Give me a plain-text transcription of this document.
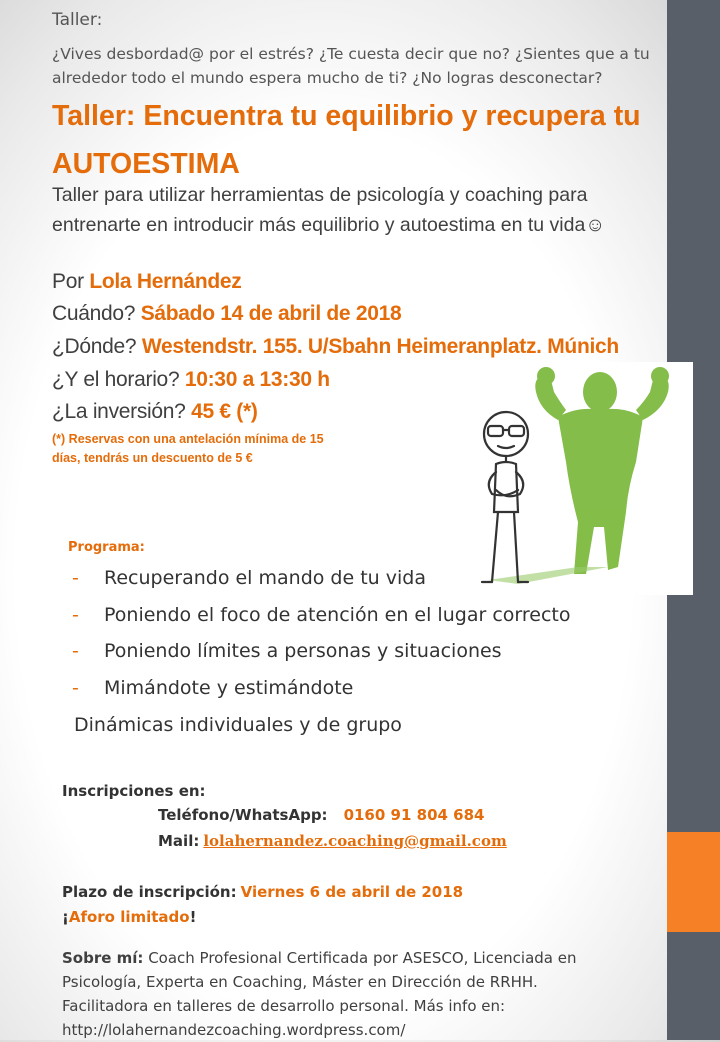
Taller:
¿Vives desbordad@ por el estrés? ¿Te cuesta decir que no? ¿Sientes que a tu alrededor todo el mundo espera mucho de ti? ¿No logras desconectar?
Taller: Encuentra tu equilibrio y recupera tu AUTOESTIMA
Taller para utilizar herramientas de psicología y coaching para entrenarte en introducir más equilibrio y autoestima en tu vida☺
Por Lola Hernández
Cuándo? Sábado 14 de abril de 2018
¿Dónde? Westendstr. 155. U/Sbahn Heimeranplatz. Múnich
¿Y el horario? 10:30 a 13:30 h
¿La inversión? 45 € (*)
(*) Reservas con una antelación mínima de 15 días, tendrás un descuento de 5 €
Programa:
- Recuperando el mando de tu vida
- Poniendo el foco de atención en el lugar correcto
- Poniendo límites a personas y situaciones
- Mimándote y estimándote
Dinámicas individuales y de grupo
Inscripciones en:
Teléfono/WhatsApp: 0160 91 804 684
Mail: lolahernandez.coaching@gmail.com
Plazo de inscripción: Viernes 6 de abril de 2018
¡Aforo limitado!
Sobre mí: Coach Profesional Certificada por ASESCO, Licenciada en Psicología, Experta en Coaching, Máster en Dirección de RRHH. Facilitadora en talleres de desarrollo personal. Más info en: http://lolahernandezcoaching.wordpress.com/
